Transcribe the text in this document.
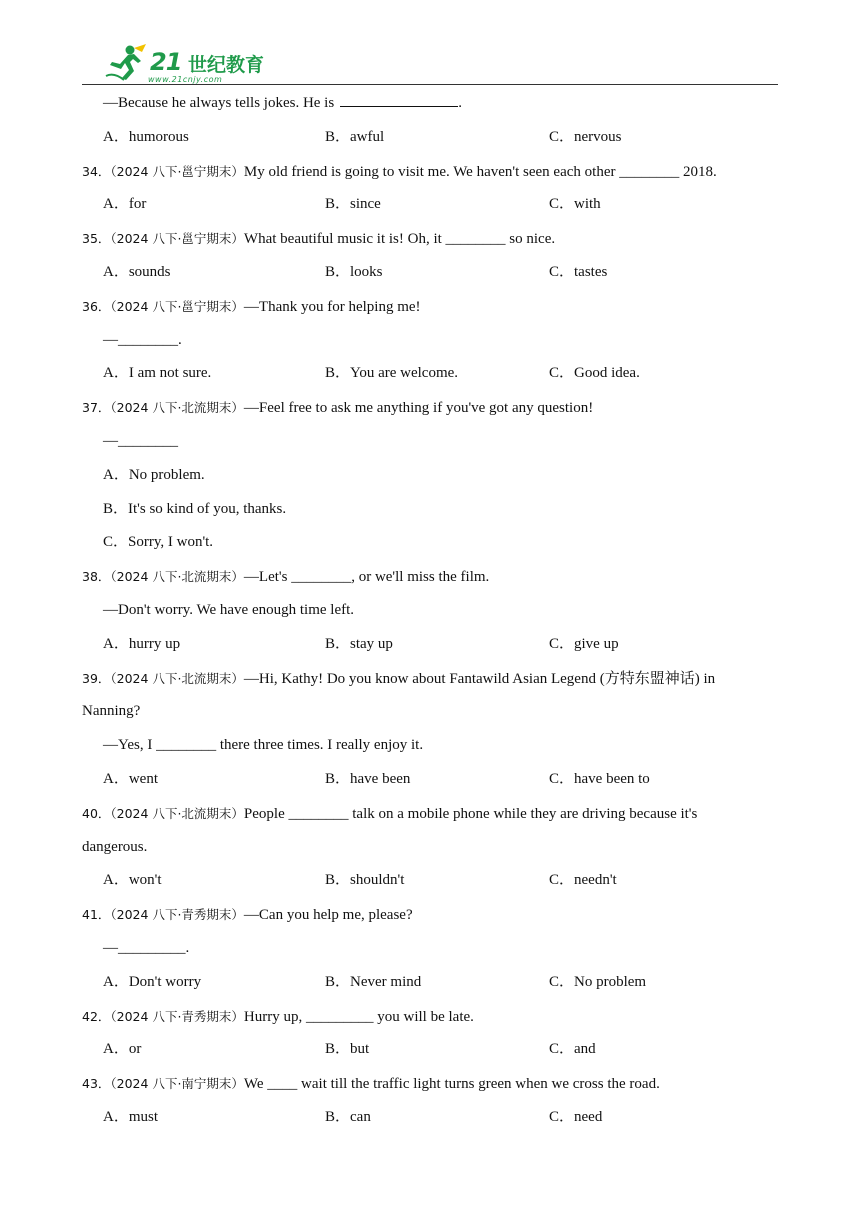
21 世纪教育
www.21cnjy.com
—Because he always tells jokes. He is	.
A．humorous	B．awful	C．nervous
34．（2024 八下·邕宁期末）My old friend is going to visit me. We haven't seen each other ________ 2018.
A．for	B．since	C．with
35．（2024 八下·邕宁期末）What beautiful music it is! Oh, it ________ so nice.
A．sounds	B．looks	C．tastes
36．（2024 八下·邕宁期末）—Thank you for helping me!
—________.
A．I am not sure.	B．You are welcome.	C．Good idea.
37．（2024 八下·北流期末）—Feel free to ask me anything if you've got any question!
—________
A．No problem.
B．It's so kind of you, thanks.
C．Sorry, I won't.
38．（2024 八下·北流期末）—Let's ________, or we'll miss the film.
—Don't worry. We have enough time left.
A．hurry up	B．stay up	C．give up
39．（2024 八下·北流期末）—Hi, Kathy! Do you know about Fantawild Asian Legend (方特东盟神话) in
Nanning?
—Yes, I ________ there three times. I really enjoy it.
A．went	B．have been	C．have been to
40．（2024 八下·北流期末）People ________ talk on a mobile phone while they are driving because it's
dangerous.
A．won't	B．shouldn't	C．needn't
41．（2024 八下·青秀期末）—Can you help me, please?
—_________.
A．Don't worry	B．Never mind	C．No problem
42．（2024 八下·青秀期末）Hurry up, _________ you will be late.
A．or	B．but	C．and
43．（2024 八下·南宁期末）We ____ wait till the traffic light turns green when we cross the road.
A．must	B．can	C．need
